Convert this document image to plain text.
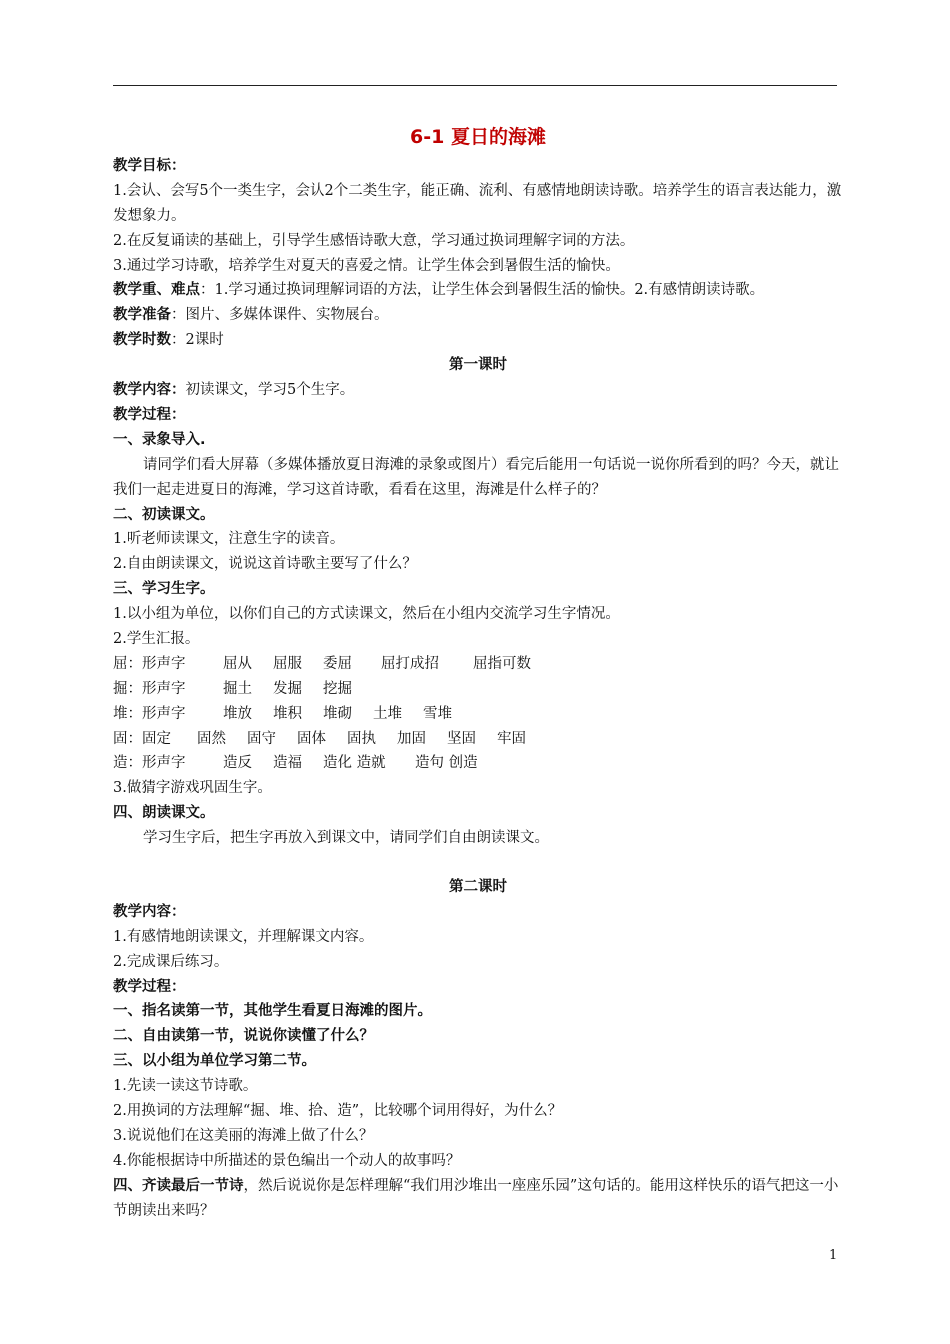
6-1 夏日的海滩
教学目标：
1.会认、会写5个一类生字，会认2个二类生字，能正确、流利、有感情地朗读诗歌。培养学生的语言表达能力，激发想象力。
2.在反复诵读的基础上，引导学生感悟诗歌大意，学习通过换词理解字词的方法。
3.通过学习诗歌，培养学生对夏天的喜爱之情。让学生体会到暑假生活的愉快。
教学重、难点：1.学习通过换词理解词语的方法，让学生体会到暑假生活的愉快。2.有感情朗读诗歌。
教学准备：图片、多媒体课件、实物展台。
教学时数：2课时
第一课时
教学内容：初读课文，学习5个生字。
教学过程：
一、录象导入.
请同学们看大屏幕（多媒体播放夏日海滩的录象或图片）看完后能用一句话说一说你所看到的吗？今天，就让我们一起走进夏日的海滩，学习这首诗歌，看看在这里，海滩是什么样子的？
二、初读课文。
1.听老师读课文，注意生字的读音。
2.自由朗读课文，说说这首诗歌主要写了什么？
三、学习生字。
1.以小组为单位，以你们自己的方式读课文，然后在小组内交流学习生字情况。
2.学生汇报。
屈：形声字	屈从 屈服 委屈 屈打成招 屈指可数
掘：形声字	掘土 发掘 挖掘
堆：形声字	堆放 堆积 堆砌 土堆 雪堆
固：固定 固然 固守 固体 固执 加固 坚固 牢固
造：形声字	造反 造福 造化 造就 造句 创造
3.做猜字游戏巩固生字。
四、朗读课文。
学习生字后，把生字再放入到课文中，请同学们自由朗读课文。
第二课时
教学内容：
1.有感情地朗读课文，并理解课文内容。
2.完成课后练习。
教学过程：
一、指名读第一节，其他学生看夏日海滩的图片。
二、自由读第一节，说说你读懂了什么？
三、以小组为单位学习第二节。
1.先读一读这节诗歌。
2.用换词的方法理解“掘、堆、拾、造”，比较哪个词用得好，为什么？
3.说说他们在这美丽的海滩上做了什么？
4.你能根据诗中所描述的景色编出一个动人的故事吗？
四、齐读最后一节诗，然后说说你是怎样理解“我们用沙堆出一座座乐园”这句话的。能用这样快乐的语气把这一小节朗读出来吗？
1
